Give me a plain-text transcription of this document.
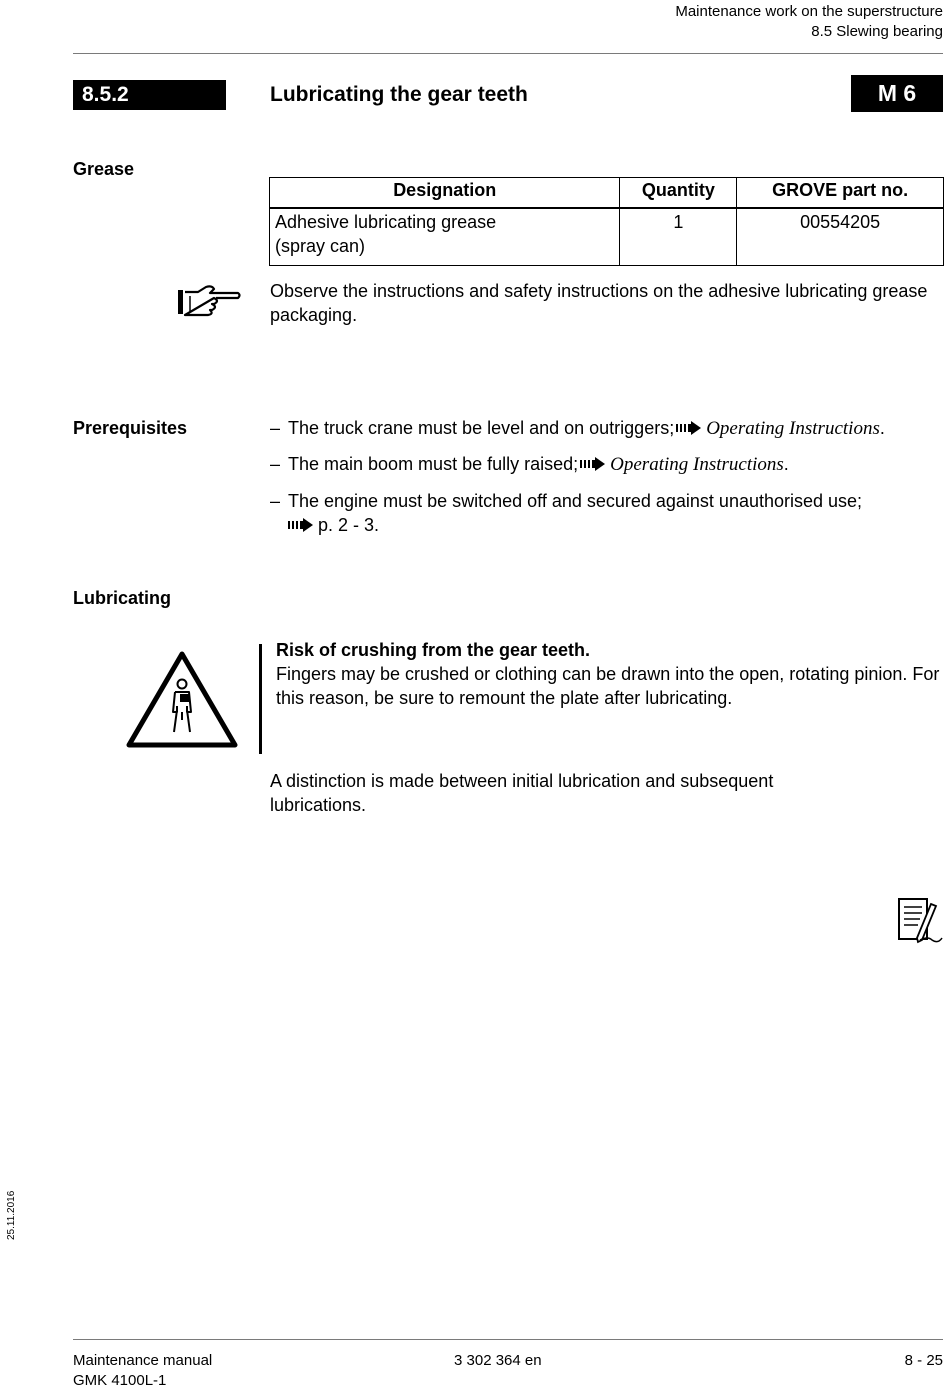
Maintenance work on the superstructure
8.5 Slewing bearing
8.5.2	Lubricating the gear teeth	M 6
Grease
Designation	Quantity	GROVE part no.
Adhesive lubricating grease
(spray can)	1	00554205
Observe the instructions and safety instructions on the adhesive lubricating grease packaging.
Prerequisites	– The truck crane must be level and on outriggers; Operating Instructions.
– The main boom must be fully raised; Operating Instructions.
– The engine must be switched off and secured against unauthorised use;
p. 2 - 3.
Lubricating
Risk of crushing from the gear teeth.
Fingers may be crushed or clothing can be drawn into the open, rotating pinion. For this reason, be sure to remount the plate after lubricating.
A distinction is made between initial lubrication and subsequent lubrications.
25.11.2016
Maintenance manual
GMK 4100L-1
3 302 364 en	8 - 25
